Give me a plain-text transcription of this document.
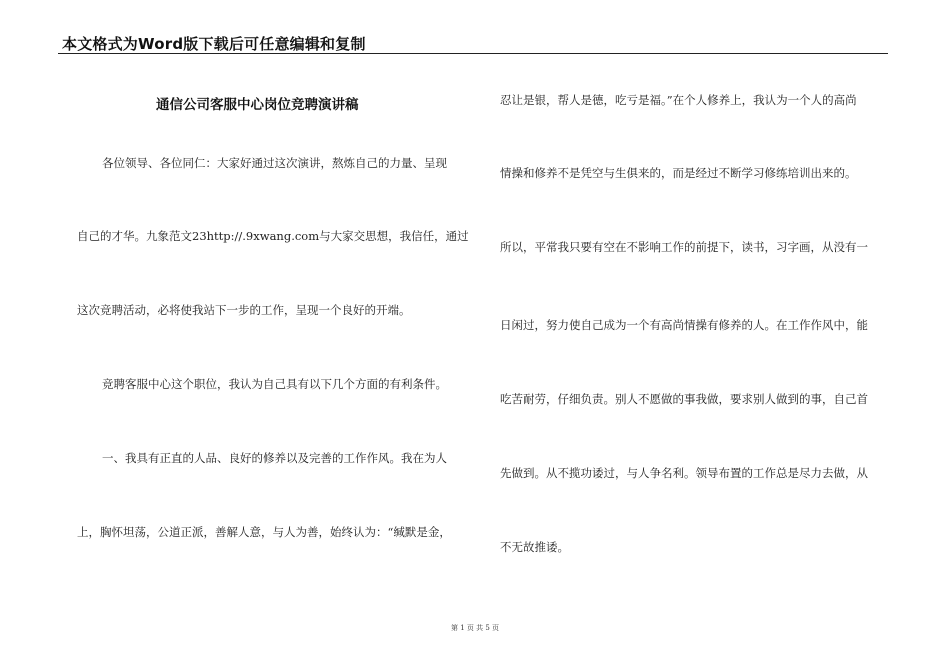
本文格式为Word版下载后可任意编辑和复制
通信公司客服中心岗位竞聘演讲稿
各位领导、各位同仁：大家好通过这次演讲，熬炼自己的力量、呈现
自己的才华。九象范文23http://.9xwang.com与大家交思想，我信任，通过
这次竞聘活动，必将使我站下一步的工作，呈现一个良好的开端。
竞聘客服中心这个职位，我认为自己具有以下几个方面的有利条件。
一、我具有正直的人品、良好的修养以及完善的工作作风。我在为人
上，胸怀坦荡，公道正派，善解人意，与人为善，始终认为：“缄默是金，
忍让是银，帮人是德，吃亏是福。”在个人修养上，我认为一个人的高尚
情操和修养不是凭空与生俱来的，而是经过不断学习修练培训出来的。
所以，平常我只要有空在不影响工作的前提下，读书，习字画，从没有一
日闲过，努力使自己成为一个有高尚情操有修养的人。在工作作风中，能
吃苦耐劳，仔细负责。别人不愿做的事我做，要求别人做到的事，自己首
先做到。从不揽功诿过，与人争名利。领导布置的工作总是尽力去做，从
不无故推诿。
第 1 页 共 5 页
